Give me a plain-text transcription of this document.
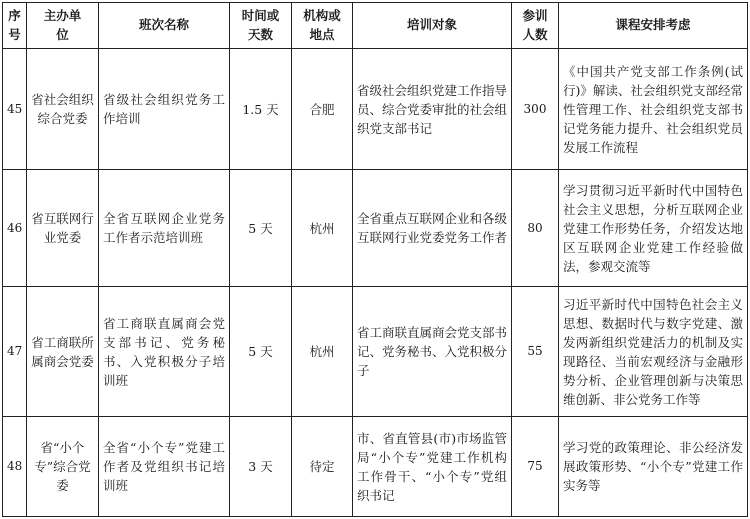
序号	主办单位	班次名称	时间或天数	机构或地点	培训对象	参训人数	课程安排考虑
45	省社会组织综合党委	省级社会组织党务工作培训	1.5 天	合肥	省级社会组织党建工作指导员、综合党委审批的社会组织党支部书记	300	《中国共产党支部工作条例(试行)》解读、社会组织党支部经常性管理工作、社会组织党支部书记党务能力提升、社会组织党员发展工作流程
46	省互联网行业党委	全省互联网企业党务工作者示范培训班	5 天	杭州	全省重点互联网企业和各级互联网行业党委党务工作者	80	学习贯彻习近平新时代中国特色社会主义思想，分析互联网企业党建工作形势任务，介绍发达地区互联网企业党建工作经验做法，参观交流等
47	省工商联所属商会党委	省工商联直属商会党支部书记、党务秘书、入党积极分子培训班	5 天	杭州	省工商联直属商会党支部书记、党务秘书、入党积极分子	55	习近平新时代中国特色社会主义思想、数据时代与数字党建、激发两新组织党建活力的机制及实现路径、当前宏观经济与金融形势分析、企业管理创新与决策思维创新、非公党务工作等
48	省“小个专”综合党委	全省“小个专”党建工作者及党组织书记培训班	3 天	待定	市、省直管县(市)市场监管局“小个专”党建工作机构工作骨干、“小个专”党组织书记	75	学习党的政策理论、非公经济发展政策形势、“小个专”党建工作实务等
